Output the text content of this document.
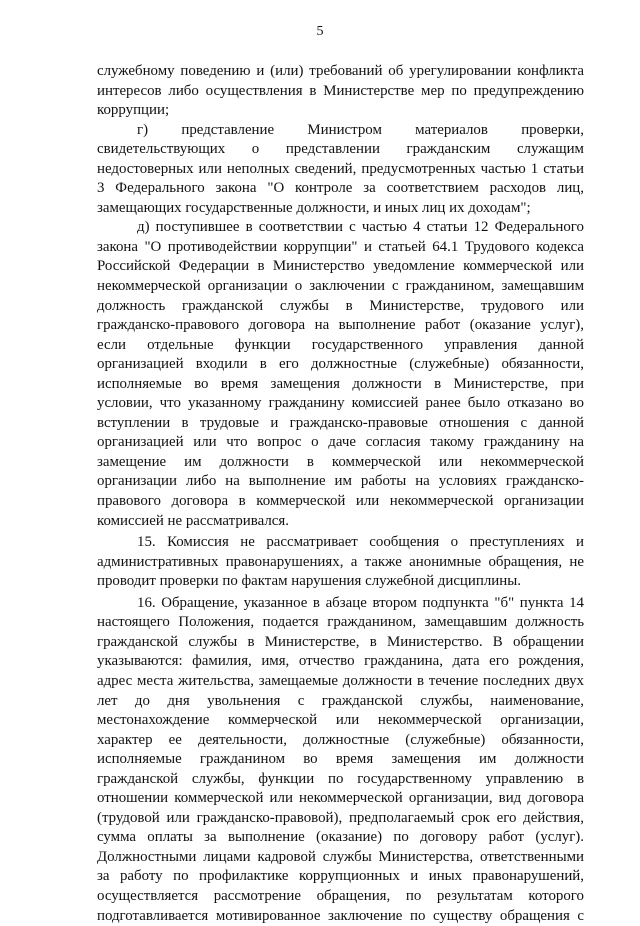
5

служебному поведению и (или) требований об урегулировании конфликта

интересов либо осуществления в Министерстве мер по предупреждению

коррупции;

г) представление Министром материалов проверки,

свидетельствующих о представлении гражданским служащим

недостоверных или неполных сведений, предусмотренных частью 1 статьи

3 Федерального закона "О контроле за соответствием расходов лиц,

замещающих государственные должности, и иных лиц их доходам";

д) поступившее в соответствии с частью 4 статьи 12 Федерального

закона "О противодействии коррупции" и статьей 64.1 Трудового кодекса

Российской Федерации в Министерство уведомление коммерческой или

некоммерческой организации о заключении с гражданином, замещавшим

должность гражданской службы в Министерстве, трудового или

гражданско-правового договора на выполнение работ (оказание услуг),

если отдельные функции государственного управления данной

организацией входили в его должностные (служебные) обязанности,

исполняемые во время замещения должности в Министерстве, при

условии, что указанному гражданину комиссией ранее было отказано во

вступлении в трудовые и гражданско-правовые отношения с данной

организацией или что вопрос о даче согласия такому гражданину на

замещение им должности в коммерческой или некоммерческой

организации либо на выполнение им работы на условиях гражданско-

правового договора в коммерческой или некоммерческой организации

комиссией не рассматривался.

15. Комиссия не рассматривает сообщения о преступлениях и

административных правонарушениях, а также анонимные обращения, не

проводит проверки по фактам нарушения служебной дисциплины.

16. Обращение, указанное в абзаце втором подпункта "б" пункта 14

настоящего Положения, подается гражданином, замещавшим должность

гражданской службы в Министерстве, в Министерство. В обращении

указываются: фамилия, имя, отчество гражданина, дата его рождения,

адрес места жительства, замещаемые должности в течение последних двух

лет до дня увольнения с гражданской службы, наименование,

местонахождение коммерческой или некоммерческой организации,

характер ее деятельности, должностные (служебные) обязанности,

исполняемые гражданином во время замещения им должности

гражданской службы, функции по государственному управлению в

отношении коммерческой или некоммерческой организации, вид договора

(трудовой или гражданско-правовой), предполагаемый срок его действия,

сумма оплаты за выполнение (оказание) по договору работ (услуг).

Должностными лицами кадровой службы Министерства, ответственными

за работу по профилактике коррупционных и иных правонарушений,

осуществляется рассмотрение обращения, по результатам которого

подготавливается мотивированное заключение по существу обращения с
